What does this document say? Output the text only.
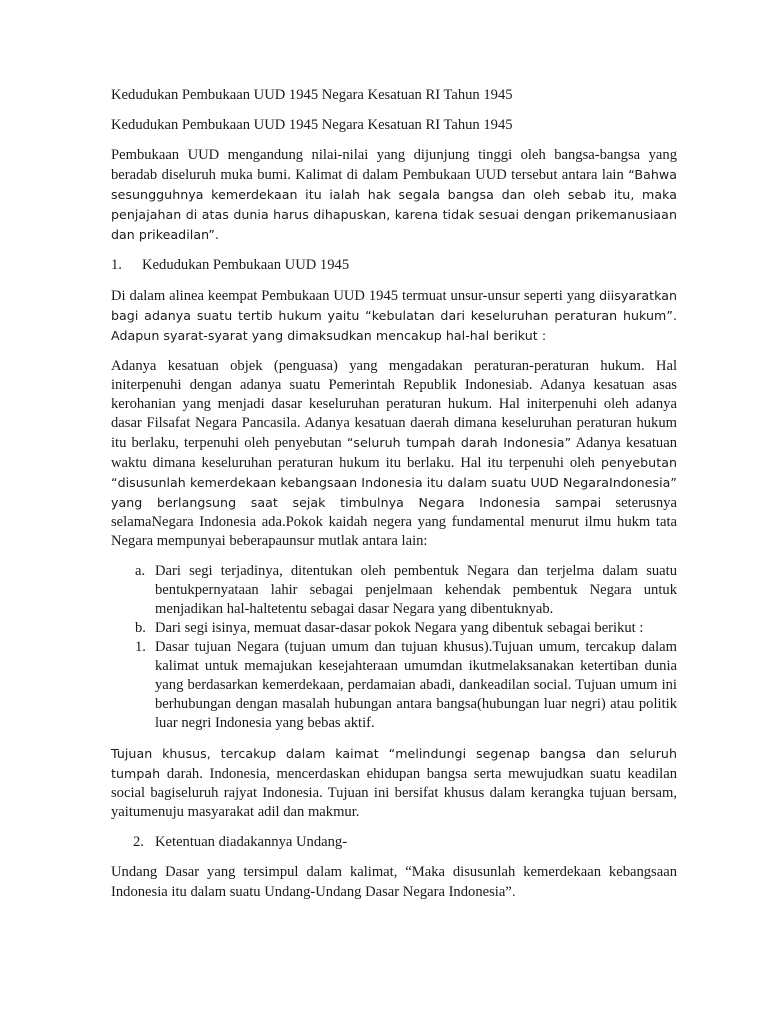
Kedudukan Pembukaan UUD 1945 Negara Kesatuan RI Tahun 1945

Kedudukan Pembukaan UUD 1945 Negara Kesatuan RI Tahun 1945

Pembukaan UUD mengandung nilai-nilai yang dijunjung tinggi oleh bangsa-bangsa yang beradab diseluruh muka bumi. Kalimat di dalam Pembukaan UUD tersebut antara lain “Bahwa sesungguhnya kemerdekaan itu ialah hak segala bangsa dan oleh sebab itu, maka penjajahan di atas dunia harus dihapuskan, karena tidak sesuai dengan prikemanusiaan dan prikeadilan”.

1.	Kedudukan Pembukaan UUD 1945

Di dalam alinea keempat Pembukaan UUD 1945 termuat unsur-unsur seperti yang diisyaratkan bagi adanya suatu tertib hukum yaitu “kebulatan dari keseluruhan peraturan hukum”. Adapun syarat-syarat yang dimaksudkan mencakup hal-hal berikut :

Adanya kesatuan objek (penguasa) yang mengadakan peraturan-peraturan hukum. Hal initerpenuhi dengan adanya suatu Pemerintah Republik Indonesiab. Adanya kesatuan asas kerohanian yang menjadi dasar keseluruhan peraturan hukum. Hal initerpenuhi oleh adanya dasar Filsafat Negara Pancasila. Adanya kesatuan daerah dimana keseluruhan peraturan hukum itu berlaku, terpenuhi oleh penyebutan “seluruh tumpah darah Indonesia” Adanya kesatuan waktu dimana keseluruhan peraturan hukum itu berlaku. Hal itu terpenuhi oleh penyebutan “disusunlah kemerdekaan kebangsaan Indonesia itu dalam suatu UUD NegaraIndonesia” yang berlangsung saat sejak timbulnya Negara Indonesia sampai seterusnya selamaNegara Indonesia ada.Pokok kaidah negera yang fundamental menurut ilmu hukm tata Negara mempunyai beberapaunsur mutlak antara lain:

a. Dari segi terjadinya, ditentukan oleh pembentuk Negara dan terjelma dalam suatu bentukpernyataan lahir sebagai penjelmaan kehendak pembentuk Negara untuk menjadikan hal-haltetentu sebagai dasar Negara yang dibentuknyab.
b. Dari segi isinya, memuat dasar-dasar pokok Negara yang dibentuk sebagai berikut :
1. Dasar tujuan Negara (tujuan umum dan tujuan khusus).Tujuan umum, tercakup dalam kalimat untuk memajukan kesejahteraan umumdan ikutmelaksanakan ketertiban dunia yang berdasarkan kemerdekaan, perdamaian abadi, dankeadilan social. Tujuan umum ini berhubungan dengan masalah hubungan antara bangsa(hubungan luar negri) atau politik luar negri Indonesia yang bebas aktif.

Tujuan khusus, tercakup dalam kaimat “melindungi segenap bangsa dan seluruh tumpah darah. Indonesia, mencerdaskan ehidupan bangsa serta mewujudkan suatu keadilan social bagiseluruh rajyat Indonesia. Tujuan ini bersifat khusus dalam kerangka tujuan bersam, yaitumenuju masyarakat adil dan makmur.

2. Ketentuan diadakannya Undang-

Undang Dasar yang tersimpul dalam kalimat, “Maka disusunlah kemerdekaan kebangsaan Indonesia itu dalam suatu Undang-Undang Dasar Negara Indonesia”.
